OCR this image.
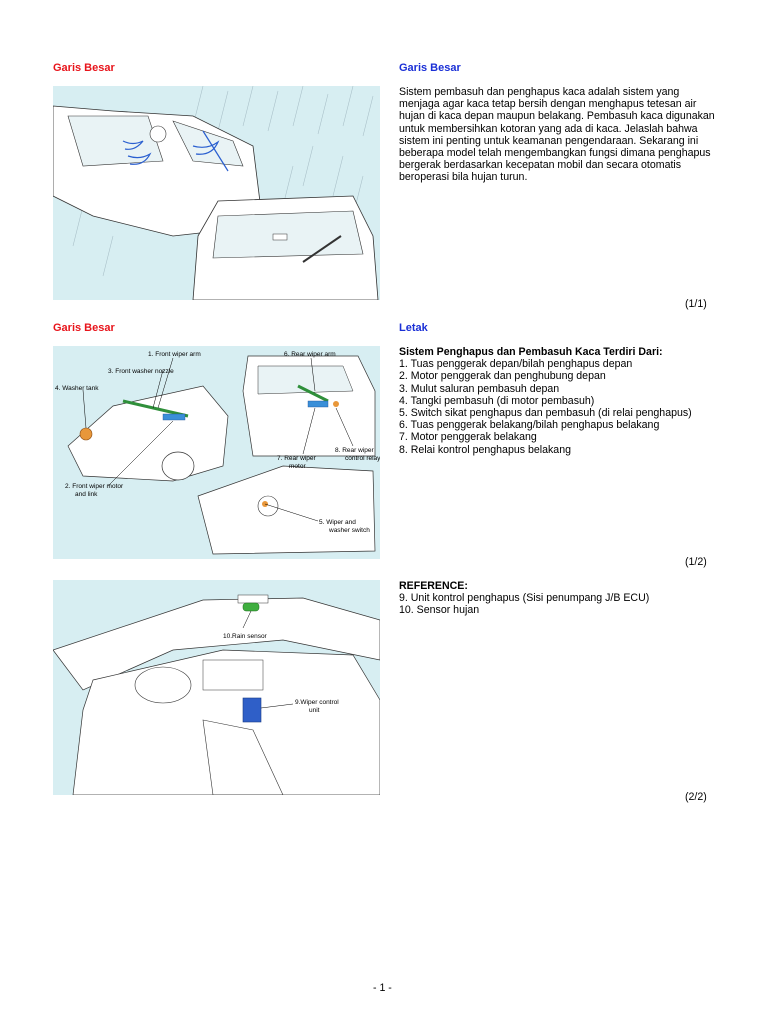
Garis Besar	Garis Besar
Sistem pembasuh dan penghapus kaca adalah sistem yang menjaga agar kaca tetap bersih dengan menghapus tetesan air hujan di kaca depan maupun belakang. Pembasuh kaca digunakan untuk membersihkan kotoran yang ada di kaca. Jelaslah bahwa sistem ini penting untuk keamanan pengendaraan. Sekarang ini beberapa model telah mengembangkan fungsi dimana penghapus bergerak berdasarkan kecepatan mobil dan secara otomatis beroperasi bila hujan turun.
(1/1)
Garis Besar	Letak
1. Front wiper arm
3. Front washer nozzle
4. Washer tank
2. Front wiper motor
and link
6. Rear wiper arm
8. Rear wiper
control relay
7. Rear wiper
motor
5. Wiper and
washer switch
Sistem Penghapus dan Pembasuh Kaca Terdiri Dari:
1. Tuas penggerak depan/bilah penghapus depan
2. Motor penggerak dan penghubung depan
3. Mulut saluran pembasuh depan
4. Tangki pembasuh (di motor pembasuh)
5. Switch sikat penghapus dan pembasuh (di relai penghapus)
6. Tuas penggerak belakang/bilah penghapus belakang
7. Motor penggerak belakang
8. Relai kontrol penghapus belakang
(1/2)
10.Rain sensor
9.Wiper control
unit
REFERENCE:
9. Unit kontrol penghapus (Sisi penumpang J/B ECU)
10. Sensor hujan
(2/2)
- 1 -
